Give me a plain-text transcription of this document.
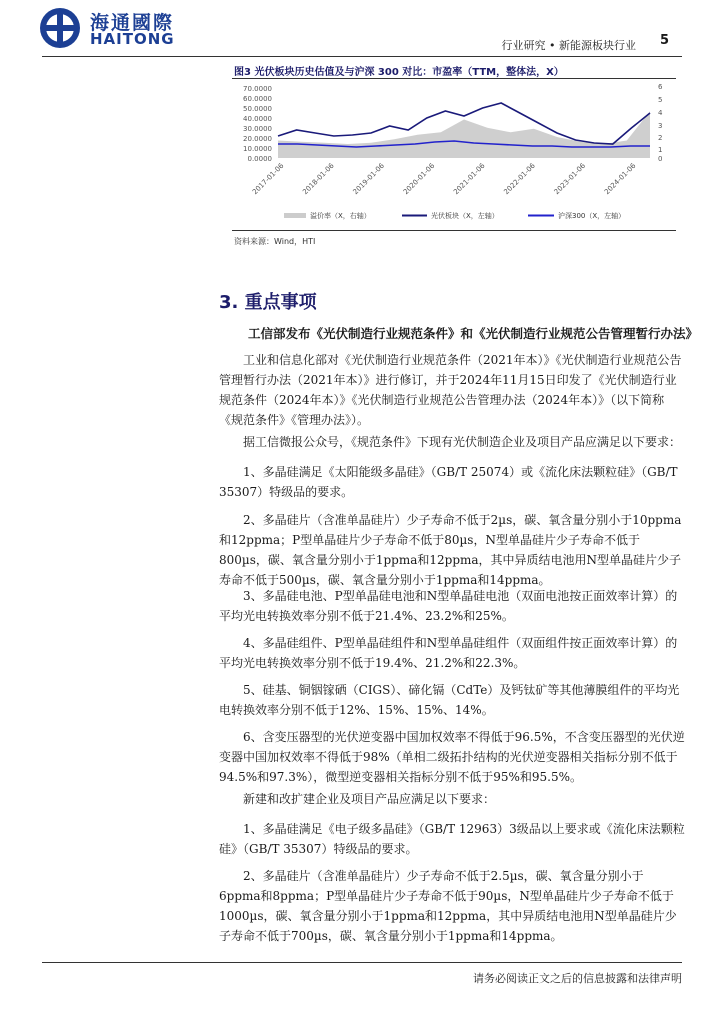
海通國際
HAITONG	行业研究 • 新能源板块行业 5
图3 光伏板块历史估值及与沪深 300 对比：市盈率（TTM，整体法，X）
70.0000
60.0000
50.0000
40.0000
30.0000
20.0000
10.0000
0.0000
6
5
4
3
2
1
0
2017-01-06 2018-01-06 2019-01-06 2020-01-06 2021-01-06 2022-01-06 2023-01-06 2024-01-06
溢价率（X，右轴）	光伏板块（X，左轴）	沪深300（X，左轴）
资料来源：Wind，HTI
3. 重点事项
工信部发布《光伏制造行业规范条件》和《光伏制造行业规范公告管理暂行办法》

工业和信息化部对《光伏制造行业规范条件（2021年本）》《光伏制造行业规范公告管理暂行办法（2021年本）》进行修订，并于2024年11月15日印发了《光伏制造行业规范条件（2024年本）》《光伏制造行业规范公告管理办法（2024年本）》（以下简称《规范条件》《管理办法》）。

据工信微报公众号，《规范条件》下现有光伏制造企业及项目产品应满足以下要求：

1、多晶硅满足《太阳能级多晶硅》（GB/T 25074）或《流化床法颗粒硅》（GB/T 35307）特级品的要求。

2、多晶硅片（含准单晶硅片）少子寿命不低于2µs，碳、氧含量分别小于10ppma和12ppma；P型单晶硅片少子寿命不低于80µs，N型单晶硅片少子寿命不低于800µs，碳、氧含量分别小于1ppma和12ppma，其中异质结电池用N型单晶硅片少子寿命不低于500µs，碳、氧含量分别小于1ppma和14ppma。

3、多晶硅电池、P型单晶硅电池和N型单晶硅电池（双面电池按正面效率计算）的平均光电转换效率分别不低于21.4%、23.2%和25%。

4、多晶硅组件、P型单晶硅组件和N型单晶硅组件（双面组件按正面效率计算）的平均光电转换效率分别不低于19.4%、21.2%和22.3%。

5、硅基、铜铟镓硒（CIGS）、碲化镉（CdTe）及钙钛矿等其他薄膜组件的平均光电转换效率分别不低于12%、15%、15%、14%。

6、含变压器型的光伏逆变器中国加权效率不得低于96.5%，不含变压器型的光伏逆变器中国加权效率不得低于98%（单相二级拓扑结构的光伏逆变器相关指标分别不低于94.5%和97.3%），微型逆变器相关指标分别不低于95%和95.5%。

新建和改扩建企业及项目产品应满足以下要求：

1、多晶硅满足《电子级多晶硅》（GB/T 12963）3级品以上要求或《流化床法颗粒硅》（GB/T 35307）特级品的要求。

2、多晶硅片（含准单晶硅片）少子寿命不低于2.5µs，碳、氧含量分别小于6ppma和8ppma；P型单晶硅片少子寿命不低于90µs，N型单晶硅片少子寿命不低于1000µs，碳、氧含量分别小于1ppma和12ppma，其中异质结电池用N型单晶硅片少子寿命不低于700µs，碳、氧含量分别小于1ppma和14ppma。

请务必阅读正文之后的信息披露和法律声明
